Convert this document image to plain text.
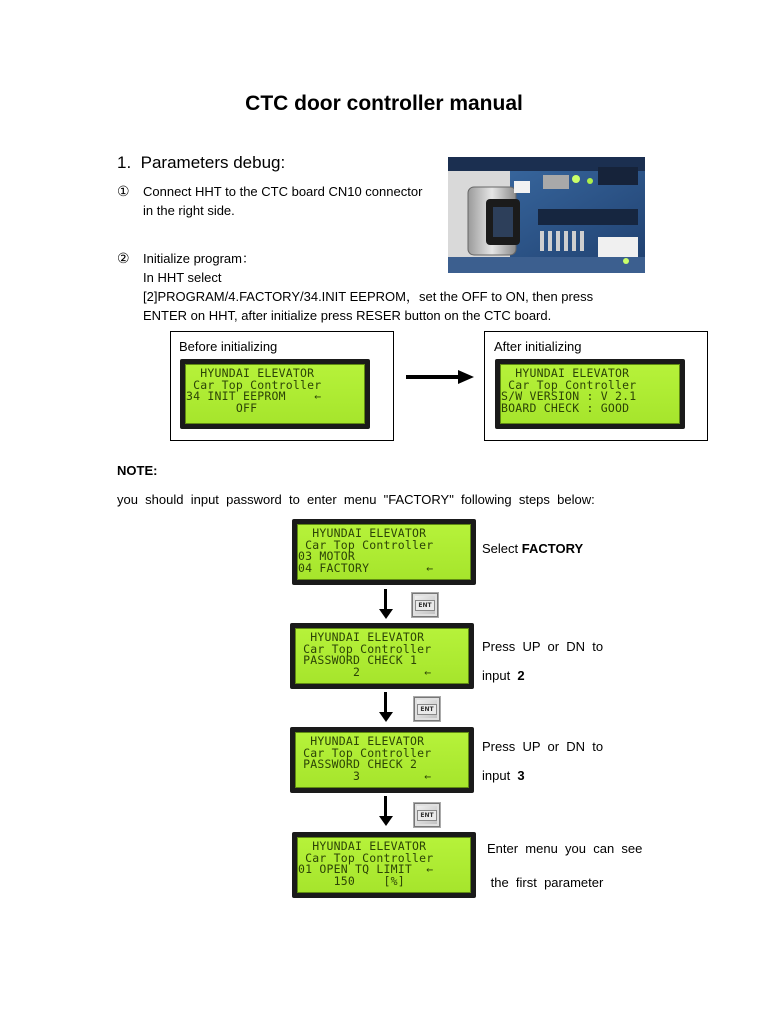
CTC door controller manual
1. Parameters debug:
① Connect HHT to the CTC board CN10 connector
in the right side.
② Initialize program：
In HHT select
[2]PROGRAM/4.FACTORY/34.INIT EEPROM，set the OFF to ON, then press
ENTER on HHT, after initialize press RESER button on the CTC board.
Before initializing
HYUNDAI ELEVATOR
Car Top Controller
34 INIT EEPROM    ←
OFF
After initializing
HYUNDAI ELEVATOR
Car Top Controller
S/W VERSION : V 2.1
BOARD CHECK : GOOD
NOTE:
you  should  input  password  to  enter  menu  "FACTORY"  following  steps  below:
HYUNDAI ELEVATOR
Car Top Controller
03 MOTOR
04 FACTORY        ←
Select FACTORY
ENT
HYUNDAI ELEVATOR
Car Top Controller
PASSWORD CHECK 1
2         ←
Press  UP  or  DN  to
input  2
ENT
HYUNDAI ELEVATOR
Car Top Controller
PASSWORD CHECK 2
3         ←
Press  UP  or  DN  to
input  3
ENT
HYUNDAI ELEVATOR
Car Top Controller
01 OPEN TQ LIMIT  ←
150    [%]
Enter  menu  you  can  see
the  first  parameter
